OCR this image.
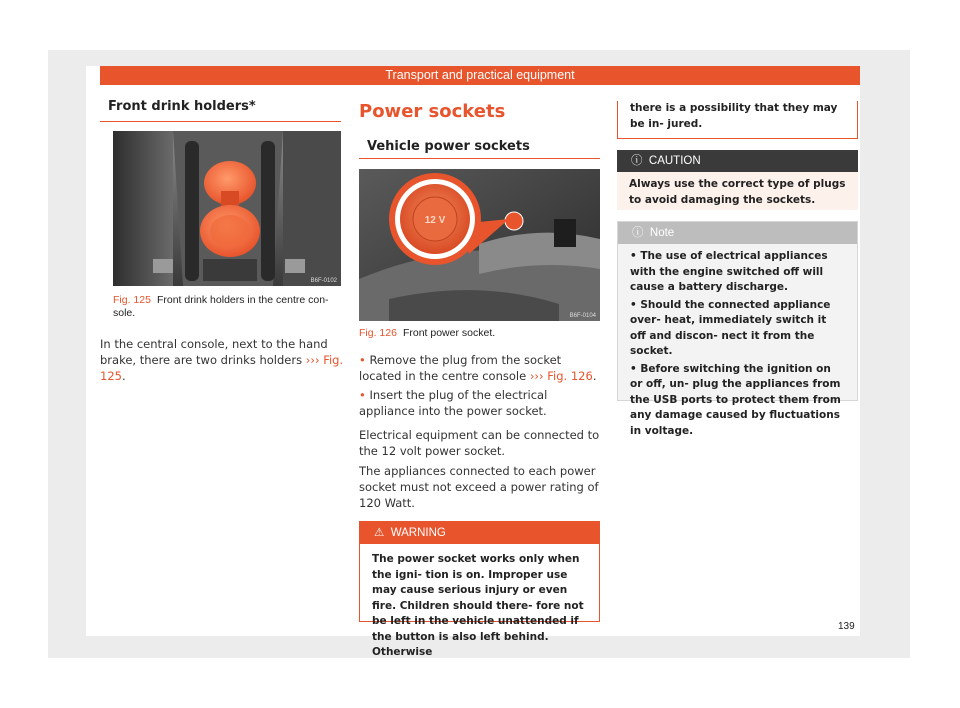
Transport and practical equipment
Front drink holders*
B6F-0102
Fig. 125 Front drink holders in the centre con- sole.
In the central console, next to the hand brake, there are two drinks holders ››› Fig. 125.
Power sockets
Vehicle power sockets
12 V
B6F-0104
Fig. 126 Front power socket.
• Remove the plug from the socket located in the centre console ››› Fig. 126.
• Insert the plug of the electrical appliance into the power socket.
Electrical equipment can be connected to the 12 volt power socket.
The appliances connected to each power socket must not exceed a power rating of 120 Watt.
⚠ WARNING
The power socket works only when the igni- tion is on. Improper use may cause serious injury or even fire. Children should there- fore not be left in the vehicle unattended if the button is also left behind. Otherwise
there is a possibility that they may be in- jured.
ⓘ CAUTION
Always use the correct type of plugs to avoid damaging the sockets.
ⓘ Note
• The use of electrical appliances with the engine switched off will cause a battery discharge.
• Should the connected appliance over- heat, immediately switch it off and discon- nect it from the socket.
• Before switching the ignition on or off, un- plug the appliances from the USB ports to protect them from any damage caused by fluctuations in voltage.
139
